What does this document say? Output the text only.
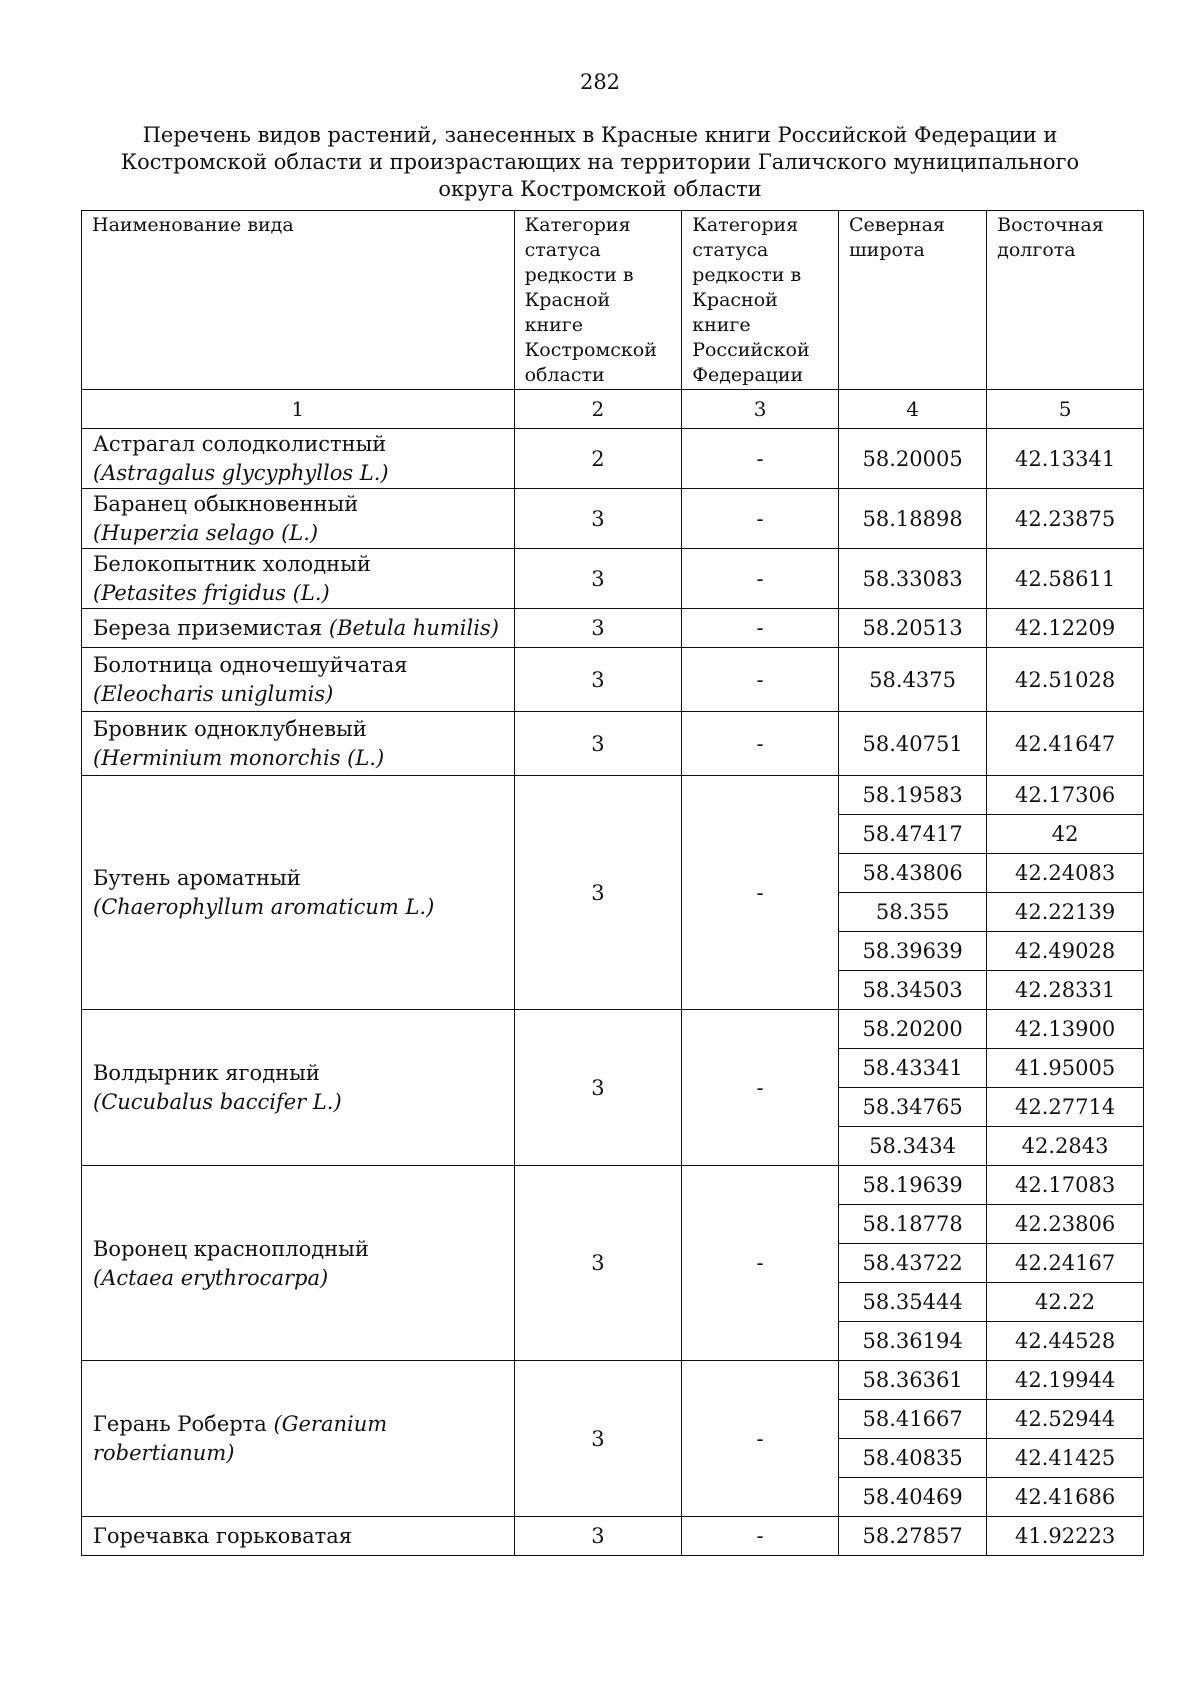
282
Перечень видов растений, занесенных в Красные книги Российской Федерации и
Костромской области и произрастающих на территории Галичского муниципального
округа Костромской области
Наименование вида	Категория статуса редкости в Красной книге Костромской области	Категория статуса редкости в Красной книге Российской Федерации	Северная широта	Восточная долгота
1	2	3	4	5
Астрагал солодколистный
(Astragalus glycyphyllos L.)	2	-	58.20005	42.13341
Баранец обыкновенный
(Huperzia selago (L.)	3	-	58.18898	42.23875
Белокопытник холодный
(Petasites frigidus (L.)	3	-	58.33083	42.58611
Береза приземистая (Betula humilis)	3	-	58.20513	42.12209
Болотница одночешуйчатая
(Eleocharis uniglumis)	3	-	58.4375	42.51028
Бровник одноклубневый
(Herminium monorchis (L.)	3	-	58.40751	42.41647
Бутень ароматный
(Chaerophyllum aromaticum L.)	3	-	58.19583	42.17306
			58.47417	42
			58.43806	42.24083
			58.355	42.22139
			58.39639	42.49028
			58.34503	42.28331
Волдырник ягодный
(Cucubalus baccifer L.)	3	-	58.20200	42.13900
			58.43341	41.95005
			58.34765	42.27714
			58.3434	42.2843
Воронец красноплодный
(Actaea erythrocarpa)	3	-	58.19639	42.17083
			58.18778	42.23806
			58.43722	42.24167
			58.35444	42.22
			58.36194	42.44528
Герань Роберта (Geranium robertianum)	3	-	58.36361	42.19944
			58.41667	42.52944
			58.40835	42.41425
			58.40469	42.41686
Горечавка горьковатая	3	-	58.27857	41.92223
